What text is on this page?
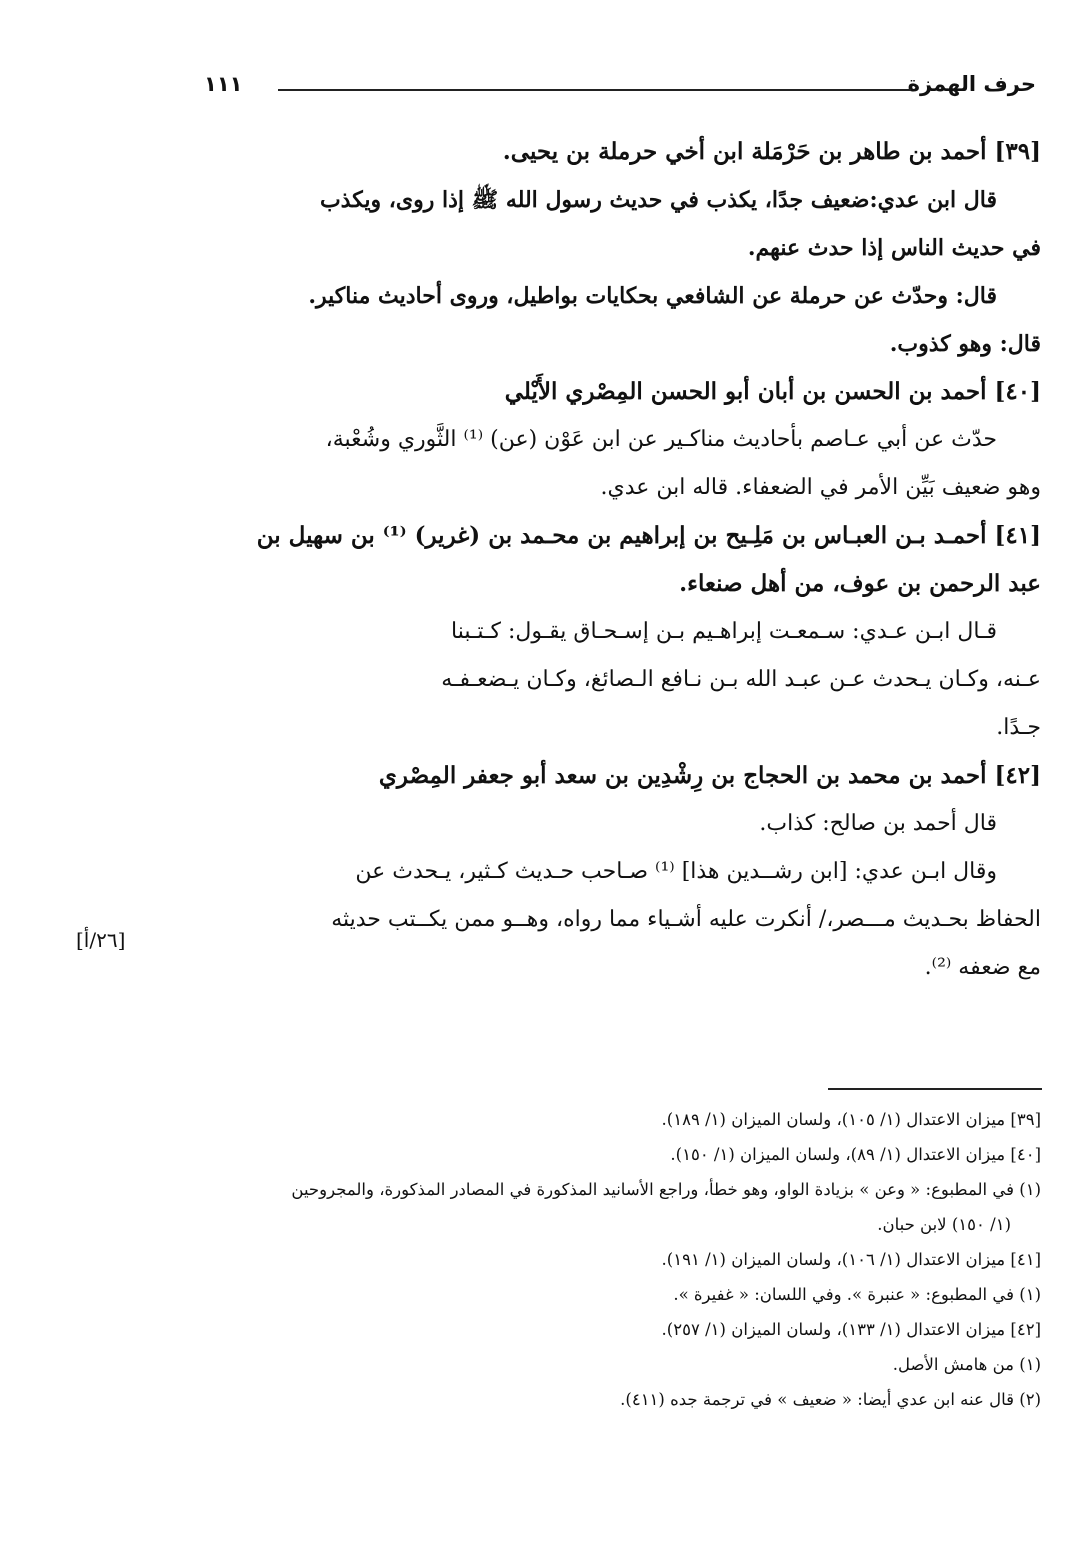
حرف الهمزة
١١١
[٢٦/أ]

[٣٩] أحمد بن طاهر بن حَرْمَلة ابن أخي حرملة بن يحيى.

قال ابن عدي:ضعيف جدًا، يكذب في حديث رسول الله ﷺ إذا روى، ويكذب

في حديث الناس إذا حدث عنهم.

قال: وحدّث عن حرملة عن الشافعي بحكايات بواطيل، وروى أحاديث مناكير.

قال: وهو كذوب.

[٤٠] أحمد بن الحسن بن أبان أبو الحسن المِصْري الأَيْلي

حدّث عن أبي عـاصم بأحاديث مناكـير عن ابن عَوْن (عن) ⁽¹⁾ الثَّوري وشُعْبة،

وهو ضعيف بَيِّن الأمر في الضعفاء. قاله ابن عدي.

[٤١] أحمـد بـن العبـاس بن مَلِـيح بن إبراهيم بن محـمد بن (غرير) ⁽¹⁾ بن سهيل بن

عبد الرحمن بن عوف، من أهل صنعاء.

قـال ابـن عـدي: سـمعـت إبراهـيم بـن إسـحـاق يقـول: كـتـبنا

عـنه، وكـان يـحدث عـن عبـد الله بـن نـافع الـصائغ، وكـان يـضعـفـه

جـدًا.

[٤٢] أحمد بن محمد بن الحجاج بن رِشْدِين بن سعد أبو جعفر المِصْري

قال أحمد بن صالح: كذاب.

وقال ابـن عدي: [ابن رشــدين هذا] ⁽¹⁾ صـاحب حـديث كـثير، يـحدث عن

الحفاظ بحـديث مـــصر،/ أنكرت عليه أشـياء مما رواه، وهــو ممن يكــتب حديثه

مع ضعفه ⁽²⁾.

[٣٩] ميزان الاعتدال (١/ ١٠٥)، ولسان الميزان (١/ ١٨٩).

[٤٠] ميزان الاعتدال (١/ ٨٩)، ولسان الميزان (١/ ١٥٠).

(١) في المطبوع: « وعن » بزيادة الواو، وهو خطأ، وراجع الأسانيد المذكورة في المصادر المذكورة، والمجروحين

(١/ ١٥٠) لابن حبان.

[٤١] ميزان الاعتدال (١/ ١٠٦)، ولسان الميزان (١/ ١٩١).

(١) في المطبوع: « عنبرة ». وفي اللسان: « غفيرة ».

[٤٢] ميزان الاعتدال (١/ ١٣٣)، ولسان الميزان (١/ ٢٥٧).

(١) من هامش الأصل.

(٢) قال عنه ابن عدي أيضا: « ضعيف » في ترجمة جده (٤١١).
